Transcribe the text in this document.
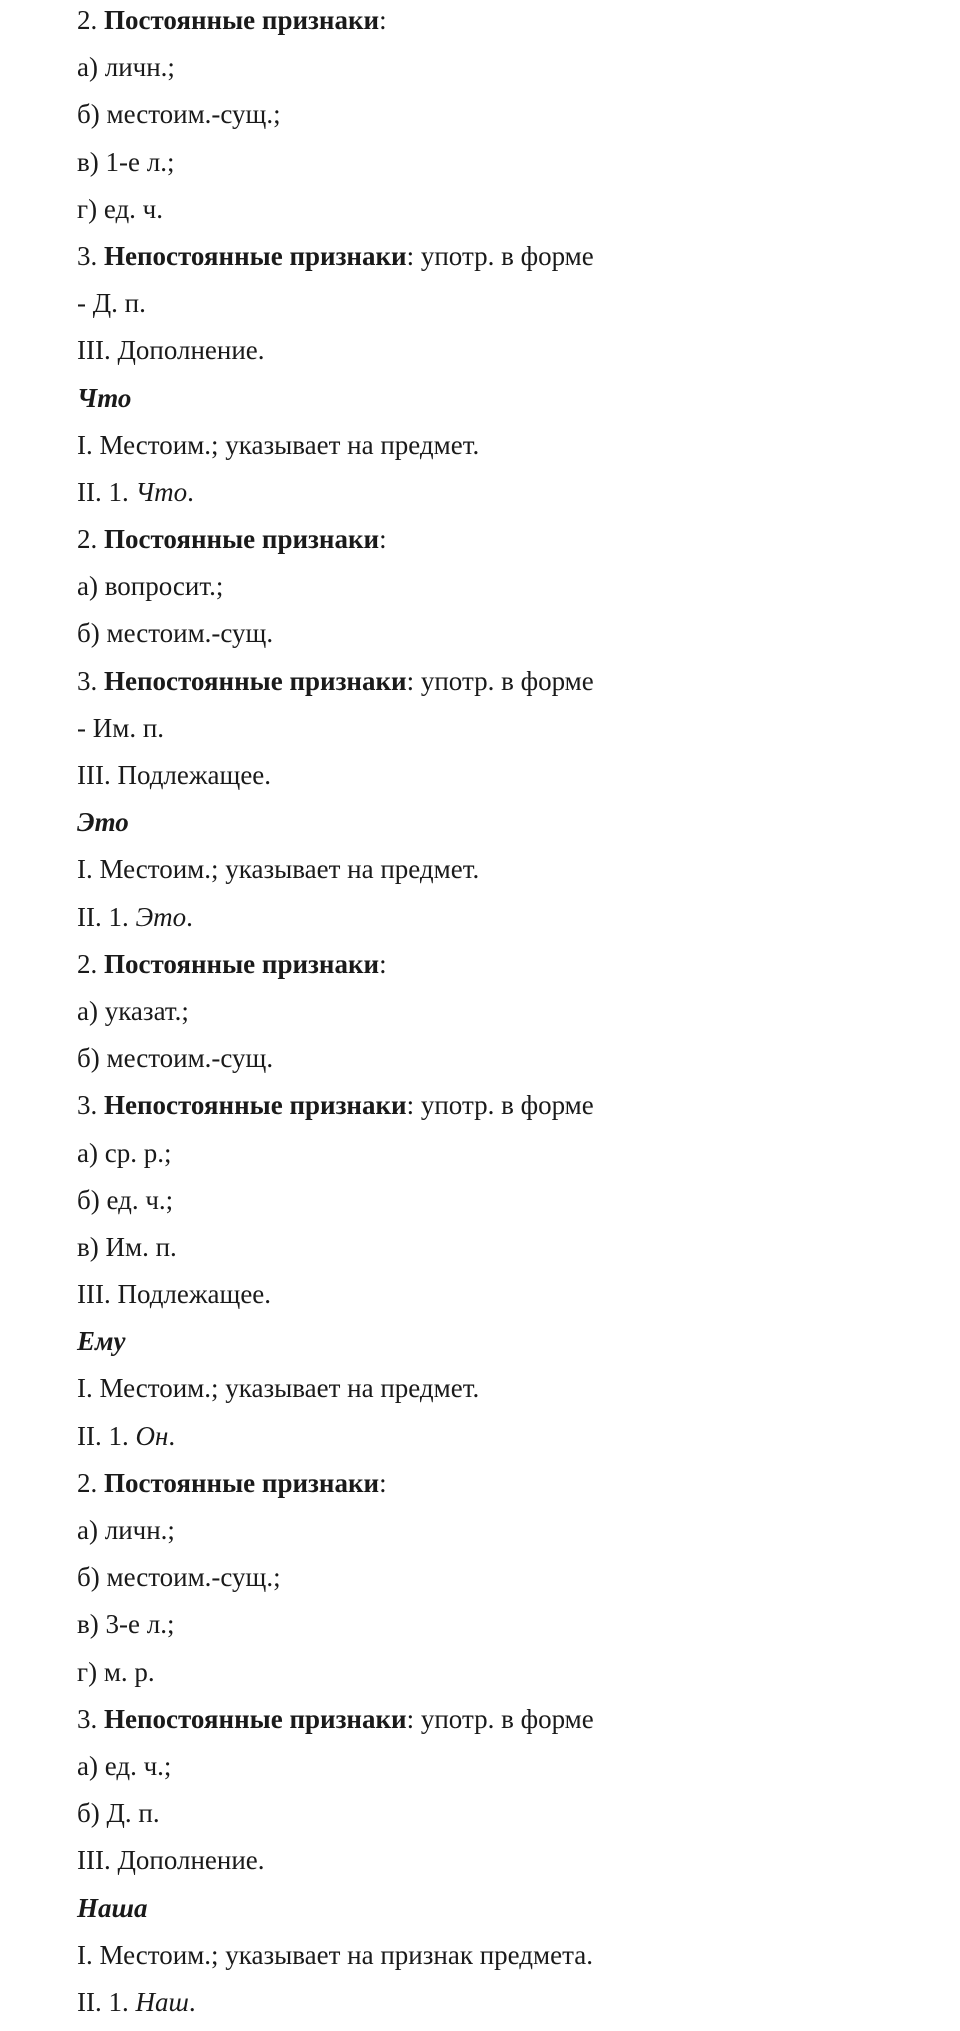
2. Постоянные признаки:
а) личн.;
б) местоим.-сущ.;
в) 1-е л.;
г) ед. ч.
3. Непостоянные признаки: употр. в форме
- Д. п.
III. Дополнение.
Что
I. Местоим.; указывает на предмет.
II. 1. Что.
2. Постоянные признаки:
а) вопросит.;
б) местоим.-сущ.
3. Непостоянные признаки: употр. в форме
- Им. п.
III. Подлежащее.
Это
I. Местоим.; указывает на предмет.
II. 1. Это.
2. Постоянные признаки:
а) указат.;
б) местоим.-сущ.
3. Непостоянные признаки: употр. в форме
а) ср. р.;
б) ед. ч.;
в) Им. п.
III. Подлежащее.
Ему
I. Местоим.; указывает на предмет.
II. 1. Он.
2. Постоянные признаки:
а) личн.;
б) местоим.-сущ.;
в) 3-е л.;
г) м. р.
3. Непостоянные признаки: употр. в форме
а) ед. ч.;
б) Д. п.
III. Дополнение.
Наша
I. Местоим.; указывает на признак предмета.
II. 1. Наш.
